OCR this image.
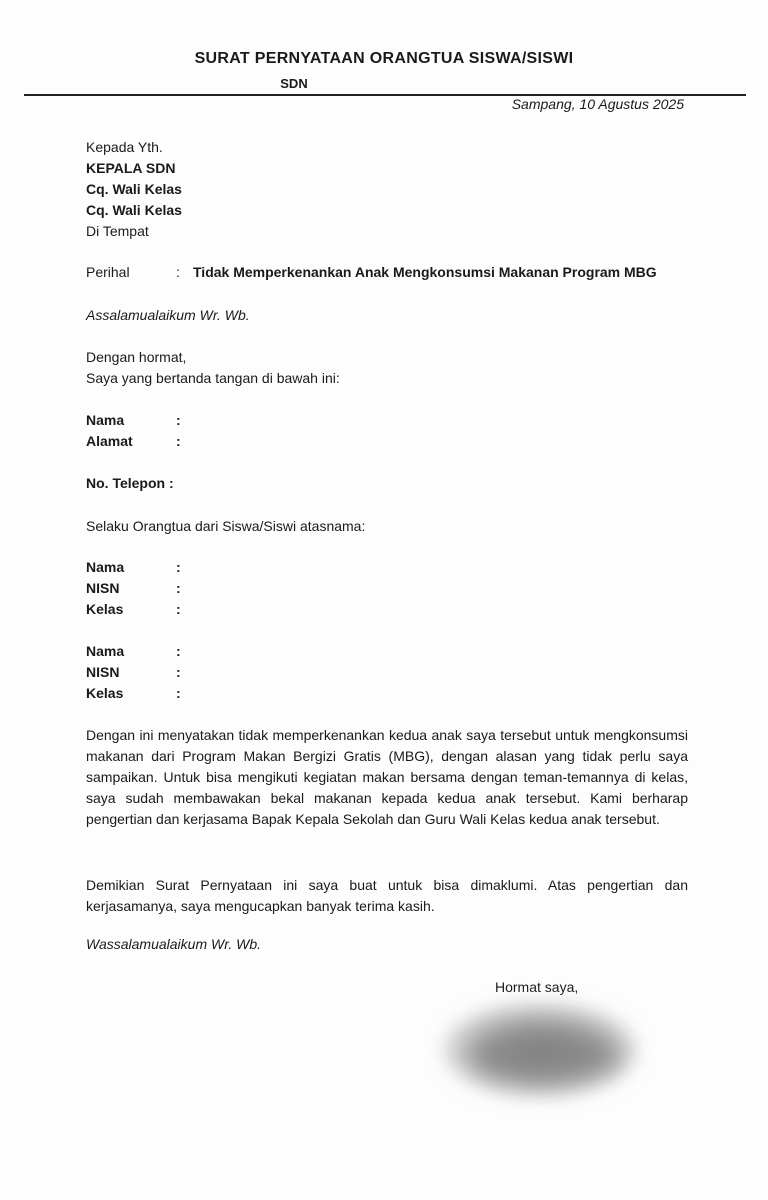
SURAT PERNYATAAN ORANGTUA SISWA/SISWI
SDN
Sampang, 10 Agustus 2025
Kepada Yth.
KEPALA SDN
Cq. Wali Kelas
Cq. Wali Kelas
Di Tempat
Perihal	: Tidak Memperkenankan Anak Mengkonsumsi Makanan Program MBG
Assalamualaikum Wr. Wb.
Dengan hormat,
Saya yang bertanda tangan di bawah ini:
Nama	:
Alamat	:
No. Telepon :
Selaku Orangtua dari Siswa/Siswi atasnama:
Nama	:
NISN	:
Kelas	:
Nama	:
NISN	:
Kelas	:
Dengan ini menyatakan tidak memperkenankan kedua anak saya tersebut untuk mengkonsumsi makanan dari Program Makan Bergizi Gratis (MBG), dengan alasan yang tidak perlu saya sampaikan. Untuk bisa mengikuti kegiatan makan bersama dengan teman-temannya di kelas, saya sudah membawakan bekal makanan kepada kedua anak tersebut. Kami berharap pengertian dan kerjasama Bapak Kepala Sekolah dan Guru Wali Kelas kedua anak tersebut.
Demikian Surat Pernyataan ini saya buat untuk bisa dimaklumi. Atas pengertian dan kerjasamanya, saya mengucapkan banyak terima kasih.
Wassalamualaikum Wr. Wb.
Hormat saya,
